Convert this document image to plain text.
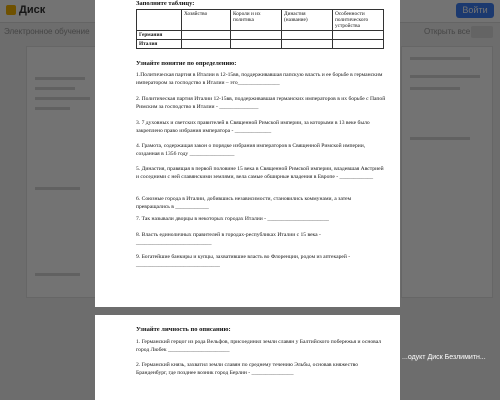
...одукт Диск Безлимитн...
Заполните таблицу:
	Хозяйство	Короли и их политика	Династия (название)	Особенности политического устройства
Германия				
Италия				
Узнайте понятие по определению:
1.Политическая партия в Италии в 12-15вв, поддерживавшая папскую власть и ее борьбе в германским императором за господство в Италии – это_______________
2. Политическая партия Италии 12-15вв, поддерживавшая германских императоров в их борьбе с Папой Римским за господство в Италии - ______________
3. 7 духовных и светских правителей в Священной Римской империи, за которыми в 13 веке было закреплено право избрания императора - _____________
4. Грамота, содержащая закон о порядке избрания императоров в Священной Римской империи, созданная в 1356 году ________________
5. Династия, правящая в первой половине 15 века в Священной Римской империи, владевшая Австрией и соседними с ней славянскими землями, вела самые обширные владения в Европе - ____________
6. Союзные города в Италии, добившись независимости, становились коммунами, а затем превращались в ____________
7. Так называли дворцы в некоторых городах Италии - ______________________
8. Власть единоличных правителей в городах-республиках Италии с 15 века - ___________________________
9. Богатейшие банкиры и купцы, захватившие власть во Флоренции, родом из аптекарей - ______________________________
Узнайте личность по описанию:
1. Германский герцог из рода Вельфов, присоединил земли славян у Балтийского побережья и основал город Любек ______________________
2. Германский князь, захватил земли славян по среднему течению Эльбы, основав княжество Бранденбург, где позднее возник город Берлин - _______________
